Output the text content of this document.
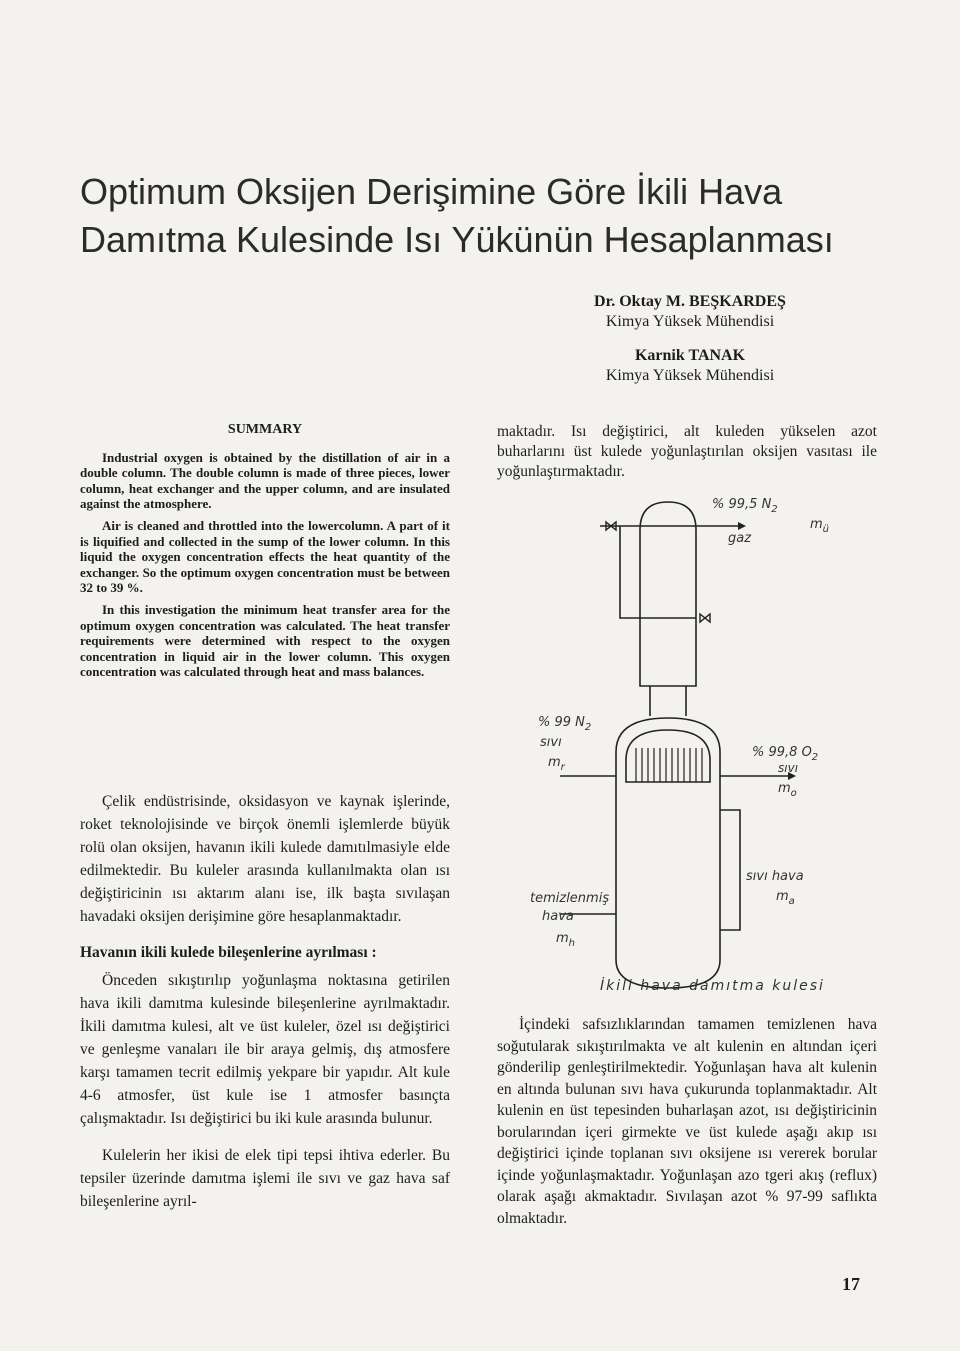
Optimum Oksijen Derişimine Göre İkili Hava
Damıtma Kulesinde Isı Yükünün Hesaplanması
Dr. Oktay M. BEŞKARDEŞ
Kimya Yüksek Mühendisi
Karnik TANAK
Kimya Yüksek Mühendisi
SUMMARY

Industrial oxygen is obtained by the distillation of air in a double column. The double column is made of three pieces, lower column, heat exchanger and the upper column, and are insulated against the atmosphere.

Air is cleaned and throttled into the lowercolumn. A part of it is liquified and collected in the sump of the lower column. In this liquid the oxygen concentration effects the heat quantity of the exchanger. So the optimum oxygen concentration must be between 32 to 39 %.

In this investigation the minimum heat transfer area for the optimum oxygen concentration was calculated. The heat transfer requirements were determined with respect to the oxygen concentration in liquid air in the lower column. This oxygen concentration was calculated through heat and mass balances.

Çelik endüstrisinde, oksidasyon ve kaynak işlerinde, roket teknolojisinde ve birçok önemli işlemlerde büyük rolü olan oksijen, havanın ikili kulede damıtılmasiyle elde edilmektedir. Bu kuleler arasında kullanılmakta olan ısı değiştiricinin ısı aktarım alanı ise, ilk başta sıvılaşan havadaki oksijen derişimine göre hesaplanmaktadır.

Havanın ikili kulede bileşenlerine ayrılması :

Önceden sıkıştırılıp yoğunlaşma noktasına getirilen hava ikili damıtma kulesinde bileşenlerine ayrılmaktadır. İkili damıtma kulesi, alt ve üst kuleler, özel ısı değiştirici ve genleşme vanaları ile bir araya gelmiş, dış atmosfere karşı tamamen tecrit edilmiş yekpare bir yapıdır. Alt kule 4-6 atmosfer, üst kule ise 1 atmosfer basınçta çalışmaktadır. Isı değiştirici bu iki kule arasında bulunur.

Kulelerin her ikisi de elek tipi tepsi ihtiva ederler. Bu tepsiler üzerinde damıtma işlemi ile sıvı ve gaz hava saf bileşenlerine ayrıl-

maktadır. Isı değiştirici, alt kuleden yükselen azot buharlarını üst kulede yoğunlaştırılan oksijen vasıtası ile yoğunlaştırmaktadır.

% 99,5 $N_2$
gaz
$m_ü$
% 99 $N_2$
sıvı
$m_r$
% 99,8 $O_2$
sıvı
$m_o$
temizlenmiş
hava
$m_h$
sıvı hava
$m_a$
İkili hava damıtma kulesi

İçindeki safsızlıklarından tamamen temizlenen hava soğutularak sıkıştırılmakta ve alt kulenin en altından içeri gönderilip genleştirilmektedir. Yoğunlaşan hava alt kulenin en altında bulunan sıvı hava çukurunda toplanmaktadır. Alt kulenin en üst tepesinden buharlaşan azot, ısı değiştiricinin borularından içeri girmekte ve üst kulede aşağı akıp ısı değiştirici içinde toplanan sıvı oksijene ısı vererek borular içinde yoğunlaşmaktadır. Yoğunlaşan azo tgeri akış (reflux) olarak aşağı akmaktadır. Sıvılaşan azot % 97-99 saflıkta olmaktadır.

17
